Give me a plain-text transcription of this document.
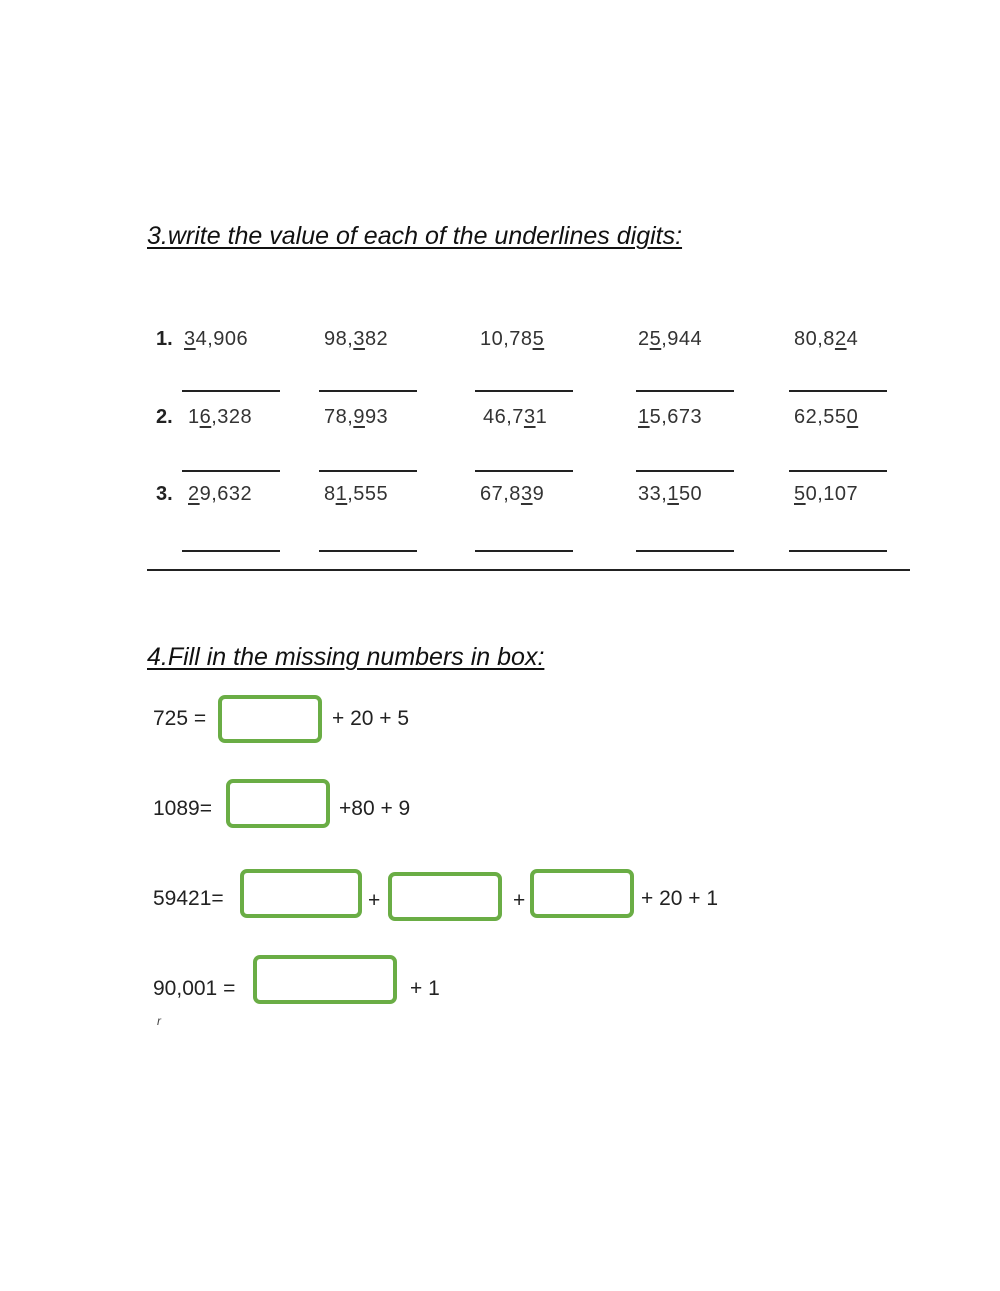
3.write the value of each of the underlines digits:
1.
2.
3.
34,906	98,382	10,785	25,944	80,824
16,328	78,993	46,731	15,673	62,550
29,632	81,555	67,839	33,150	50,107
4.Fill in the missing numbers in box:
725 =	+ 20 + 5
1089=	+80 + 9
59421=	+	+	+ 20 + 1
90,001 =	+ 1
r
